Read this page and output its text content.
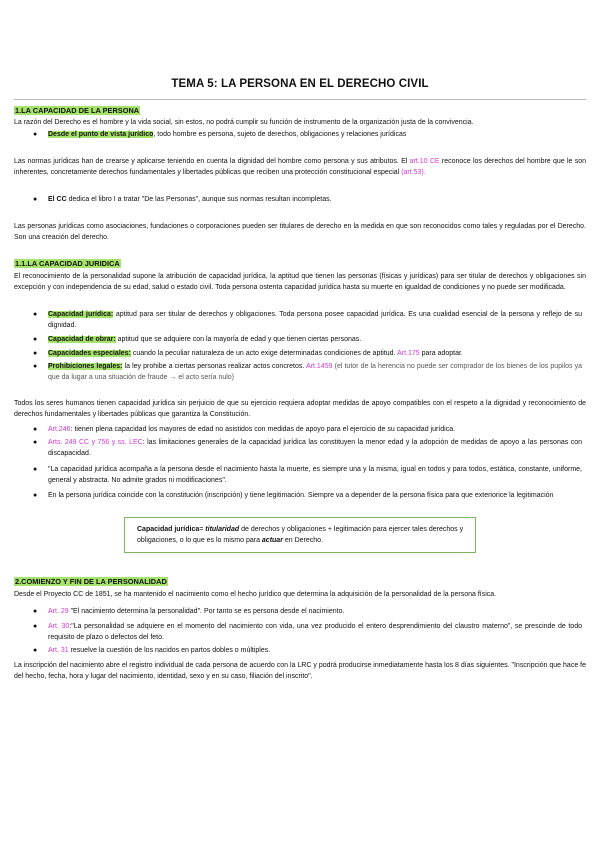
TEMA 5: LA PERSONA EN EL DERECHO CIVIL
1.LA CAPACIDAD DE LA PERSONA
La razón del Derecho es el hombre y la vida social, sin estos, no podrá cumplir su función de instrumento de la organización justa de la convivencia.
● Desde el punto de vista jurídico, todo hombre es persona, sujeto de derechos, obligaciones y relaciones jurídicas
Las normas jurídicas han de crearse y aplicarse teniendo en cuenta la dignidad del hombre como persona y sus atributos. El art.10 CE reconoce los derechos del hombre que le son inherentes, concretamente derechos fundamentales y libertades públicas que reciben una protección constitucional especial (art.53).
● El CC dedica el libro I a tratar "De las Personas", aunque sus normas resultan incompletas.
Las personas jurídicas como asociaciones, fundaciones o corporaciones pueden ser titulares de derecho en la medida en que son reconocidos como tales y reguladas por el Derecho. Son una creación del derecho.
1.1.LA CAPACIDAD JURIDICA
El reconocimiento de la personalidad supone la atribución de capacidad jurídica, la aptitud que tienen las personas (físicas y jurídicas) para ser titular de derechos y obligaciones sin excepción y con independencia de su edad, salud o estado civil. Toda persona ostenta capacidad jurídica hasta su muerte en igualdad de condiciones y no puede ser modificada.
● Capacidad jurídica: aptitud para ser titular de derechos y obligaciones. Toda persona posee capacidad jurídica. Es una cualidad esencial de la persona y reflejo de su dignidad.
● Capacidad de obrar: aptitud que se adquiere con la mayoría de edad y que tienen ciertas personas.
● Capacidades especiales: cuando la peculiar naturaleza de un acto exige determinadas condiciones de aptitud. Art.175 para adoptar.
● Prohibiciones legales: la ley prohibe a ciertas personas realizar actos concretos. Art.1459 (el tutor de la herencia no puede ser comprador de los bienes de los pupilos ya que da lugar a una situación de fraude → el acto sería nulo)
Todos los seres humanos tienen capacidad jurídica sin perjuicio de que su ejercicio requiera adoptar medidas de apoyo compatibles con el respeto a la dignidad y reconocimiento de derechos fundamentales y libertades públicas que garantiza la Constitución.
● Art.246: tienen plena capacidad los mayores de edad no asistidos con medidas de apoyo para el ejercicio de su capacidad jurídica.
● Arts. 249 CC y 756 y ss. LEC: las limitaciones generales de la capacidad jurídica las constituyen la menor edad y la adopción de medidas de apoyo a las personas con discapacidad.
● "La capacidad jurídica acompaña a la persona desde el nacimiento hasta la muerte, es siempre una y la misma, igual en todos y para todos, estática, constante, uniforme, general y abstracta. No admite grados ni modificaciones".
● En la persona jurídica coincide con la constitución (inscripción) y tiene legitimación. Siempre va a depender de la persona física para que exteriorice la legitimación
Capacidad jurídica= titularidad de derechos y obligaciones + legitimación para ejercer tales derechos y obligaciones, o lo que es lo mismo para actuar en Derecho.
2.COMIENZO Y FIN DE LA PERSONALIDAD
Desde el Proyecto CC de 1851, se ha mantenido el nacimiento como el hecho jurídico que determina la adquisición de la personalidad de la persona física.
● Art. 29 "El nacimiento determina la personalidad". Por tanto se es persona desde el nacimiento.
● Art. 30:"La personalidad se adquiere en el momento del nacimiento con vida, una vez producido el entero desprendimiento del claustro materno", se prescinde de todo requisito de plazo o defectos del feto.
● Art. 31 resuelve la cuestión de los nacidos en partos dobles o múltiples.
La inscripción del nacimiento abre el registro individual de cada persona de acuerdo con la LRC y podrá producirse inmediatamente hasta los 8 días siguientes. "Inscripción que hace fe del hecho, fecha, hora y lugar del nacimiento, identidad, sexo y en su caso, filiación del inscrito".
